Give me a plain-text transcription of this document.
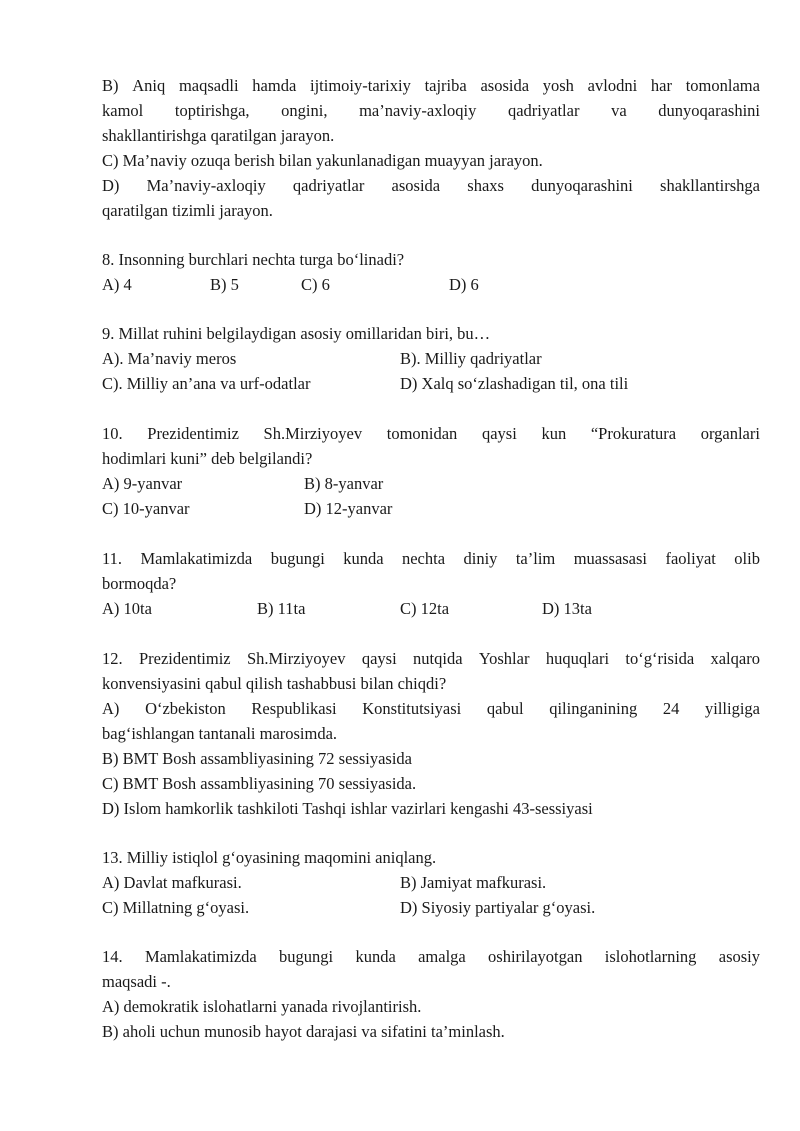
B) Aniq maqsadli hamda ijtimoiy-tarixiy tajriba asosida yosh avlodni har tomonlama
kamol toptirishga, ongini, ma’naviy-axloqiy qadriyatlar va dunyoqarashini
shakllantirishga qaratilgan jarayon.
C) Ma’naviy ozuqa berish bilan yakunlanadigan muayyan jarayon.
D) Ma’naviy-axloqiy qadriyatlar asosida shaxs dunyoqarashini shakllantirshga
qaratilgan tizimli jarayon.
8. Insonning burchlari nechta turga bo‘linadi?
A) 4	B) 5	C) 6	D) 6
9. Millat ruhini belgilaydigan asosiy omillaridan biri, bu…
A). Ma’naviy meros	B). Milliy qadriyatlar
C). Milliy an’ana va urf-odatlar	D) Xalq so‘zlashadigan til, ona tili
10. Prezidentimiz Sh.Mirziyoyev tomonidan qaysi kun “Prokuratura organlari
hodimlari kuni” deb belgilandi?
A) 9-yanvar	B) 8-yanvar
C) 10-yanvar	D) 12-yanvar
11. Mamlakatimizda bugungi kunda nechta diniy ta’lim muassasasi faoliyat olib
bormoqda?
A) 10ta	B) 11ta	C) 12ta	D) 13ta
12. Prezidentimiz Sh.Mirziyoyev qaysi nutqida Yoshlar huquqlari to‘g‘risida xalqaro
konvensiyasini qabul qilish tashabbusi bilan chiqdi?
A) O‘zbekiston Respublikasi Konstitutsiyasi qabul qilinganining 24 yilligiga
bag‘ishlangan tantanali marosimda.
B) BMT Bosh assambliyasining 72 sessiyasida
C) BMT Bosh assambliyasining 70 sessiyasida.
D) Islom hamkorlik tashkiloti Tashqi ishlar vazirlari kengashi 43-sessiyasi
13. Milliy istiqlol g‘oyasining maqomini aniqlang.
A) Davlat mafkurasi.	B) Jamiyat mafkurasi.
C) Millatning g‘oyasi.	D) Siyosiy partiyalar g‘oyasi.
14. Mamlakatimizda bugungi kunda amalga oshirilayotgan islohotlarning asosiy
maqsadi -.
A) demokratik islohatlarni yanada rivojlantirish.
B) aholi uchun munosib hayot darajasi va sifatini ta’minlash.
